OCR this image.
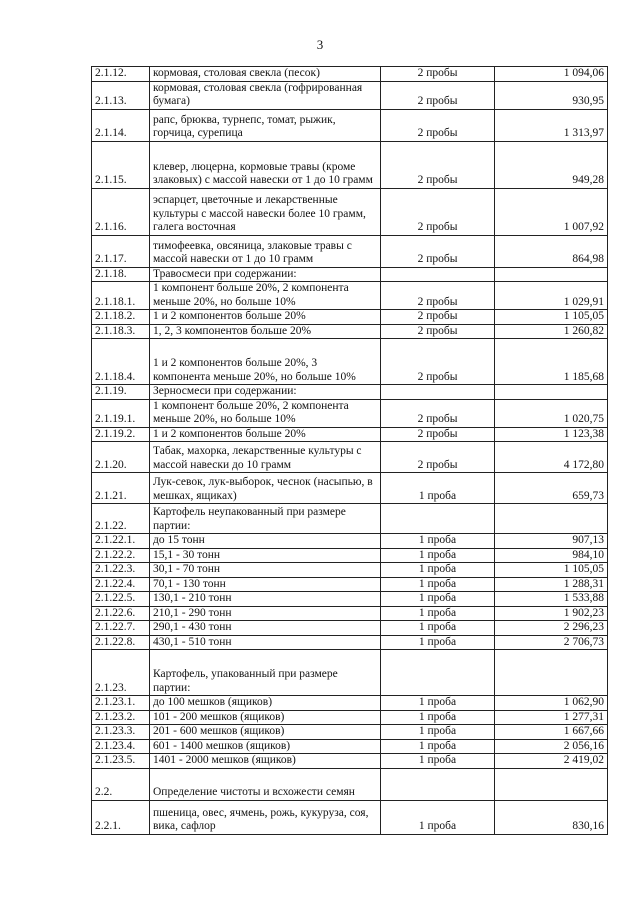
3
2.1.12.	кормовая, столовая свекла (песок)	2 пробы	1 094,06
2.1.13.	кормовая, столовая свекла (гофрированная бумага)	2 пробы	930,95
2.1.14.	рапс, брюква, турнепс, томат, рыжик, горчица, сурепица	2 пробы	1 313,97
2.1.15.	клевер, люцерна, кормовые травы (кроме злаковых) с массой навески от 1 до 10 грамм	2 пробы	949,28
2.1.16.	эспарцет, цветочные и лекарственные культуры с массой навески более 10 грамм, галега восточная	2 пробы	1 007,92
2.1.17.	тимофеевка, овсяница, злаковые травы с массой навески от 1 до 10 грамм	2 пробы	864,98
2.1.18.	Травосмеси при содержании:		
2.1.18.1.	1 компонент больше 20%, 2 компонента меньше 20%, но больше 10%	2 пробы	1 029,91
2.1.18.2.	1 и 2 компонентов больше 20%	2 пробы	1 105,05
2.1.18.3.	1, 2, 3 компонентов больше 20%	2 пробы	1 260,82
2.1.18.4.	1 и 2 компонентов больше 20%, 3 компонента меньше 20%, но больше 10%	2 пробы	1 185,68
2.1.19.	Зерносмеси при содержании:		
2.1.19.1.	1 компонент больше 20%, 2 компонента меньше 20%, но больше 10%	2 пробы	1 020,75
2.1.19.2.	1 и 2 компонентов больше 20%	2 пробы	1 123,38
2.1.20.	Табак, махорка, лекарственные культуры с массой навески до 10 грамм	2 пробы	4 172,80
2.1.21.	Лук-севок, лук-выборок, чеснок (насыпью, в мешках, ящиках)	1 проба	659,73
2.1.22.	Картофель неупакованный при размере партии:		
2.1.22.1.	до 15 тонн	1 проба	907,13
2.1.22.2.	15,1 - 30 тонн	1 проба	984,10
2.1.22.3.	30,1 - 70 тонн	1 проба	1 105,05
2.1.22.4.	70,1 - 130 тонн	1 проба	1 288,31
2.1.22.5.	130,1 - 210 тонн	1 проба	1 533,88
2.1.22.6.	210,1 - 290 тонн	1 проба	1 902,23
2.1.22.7.	290,1 - 430 тонн	1 проба	2 296,23
2.1.22.8.	430,1 - 510 тонн	1 проба	2 706,73
2.1.23.	Картофель, упакованный при размере партии:		
2.1.23.1.	до 100 мешков (ящиков)	1 проба	1 062,90
2.1.23.2.	101 - 200 мешков (ящиков)	1 проба	1 277,31
2.1.23.3.	201 - 600 мешков (ящиков)	1 проба	1 667,66
2.1.23.4.	601 - 1400 мешков (ящиков)	1 проба	2 056,16
2.1.23.5.	1401 - 2000 мешков (ящиков)	1 проба	2 419,02
2.2.	Определение чистоты и всхожести семян		
2.2.1.	пшеница, овес, ячмень, рожь, кукуруза, соя, вика, сафлор	1 проба	830,16
